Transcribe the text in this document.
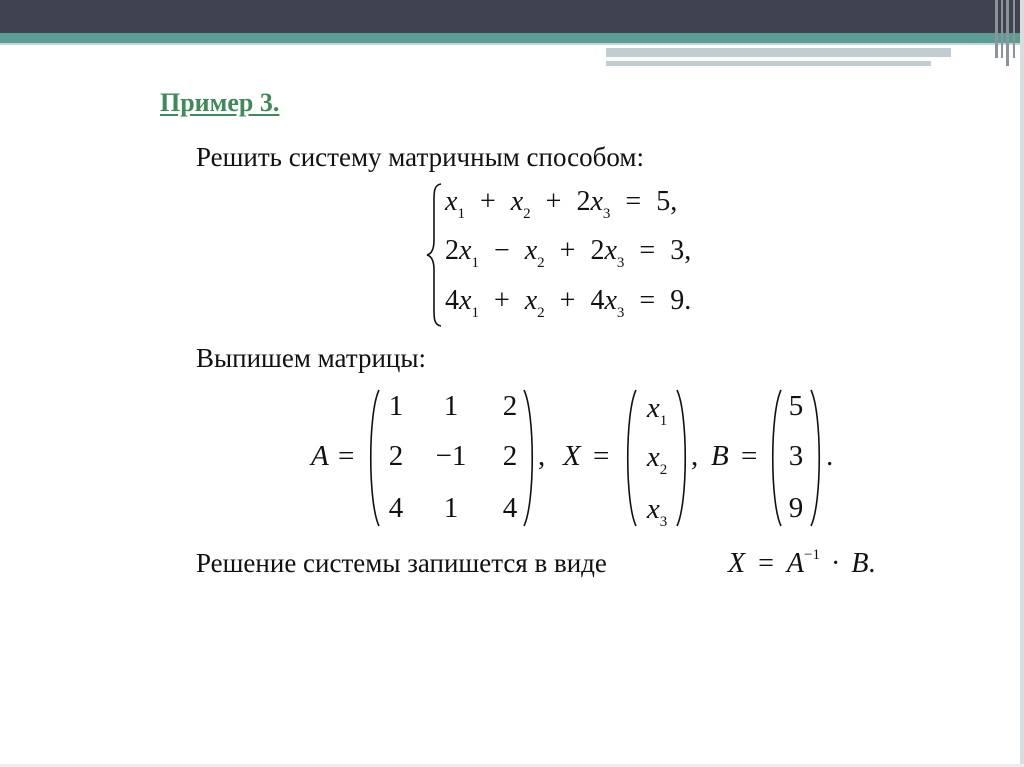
Пример 3.

Решить систему матричным способом:

$x_1 + x_2 + 2x_3 = 5$,
$2x_1 - x_2 + 2x_3 = 3$,
$4x_1 + x_2 + 4x_3 = 9$.

Выпишем матрицы:

A =
1	1	2
2	−1	2
4	1	4
, X =
$x_1$
$x_2$
$x_3$
, B =
5
3
9
.

Решение системы запишется в виде	$X = A^{-1} \cdot B$.
